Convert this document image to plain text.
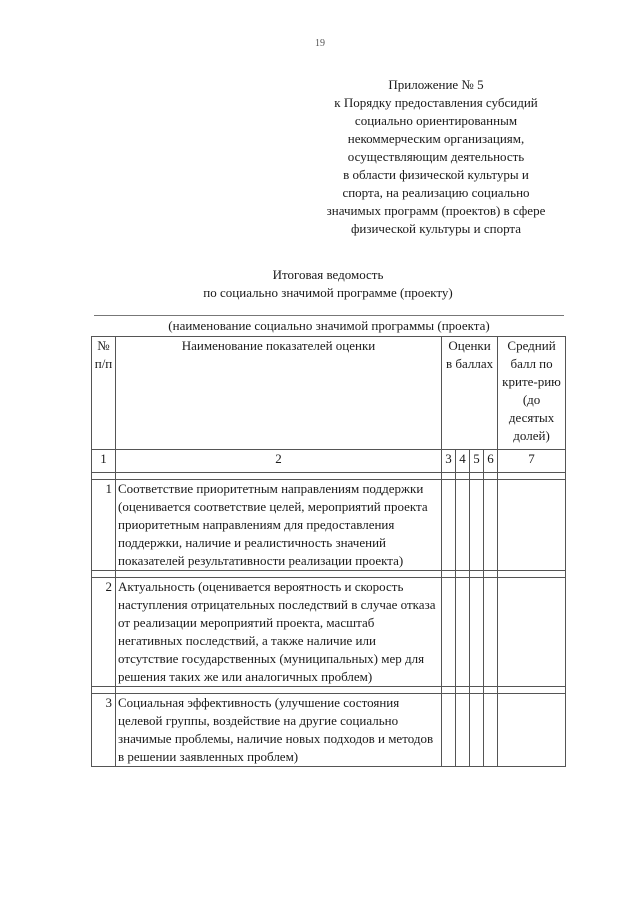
19
Приложение № 5
к Порядку предоставления субсидий
социально ориентированным
некоммерческим организациям,
осуществляющим деятельность
в области физической культуры и
спорта, на реализацию социально
значимых программ (проектов) в сфере
физической культуры и спорта
Итоговая ведомость
по социально значимой программе (проекту)
(наименование социально значимой программы (проекта)
№ п/п	Наименование показателей оценки	Оценки в баллах				Средний балл по крите-рию (до десятых долей)
1	2	3	4	5	6	7

1	Соответствие приоритетным направлениям поддержки (оценивается соответствие целей, мероприятий проекта приоритетным направлениям для предоставления поддержки, наличие и реалистичность значений показателей результативности реализации проекта)					

2	Актуальность (оценивается вероятность и скорость наступления отрицательных последствий в случае отказа от реализации мероприятий проекта, масштаб негативных последствий, а также наличие или отсутствие государственных (муниципальных) мер для решения таких же или аналогичных проблем)					

3	Социальная эффективность (улучшение состояния целевой группы, воздействие на другие социально значимые проблемы, наличие новых подходов и методов в решении заявленных проблем)					
